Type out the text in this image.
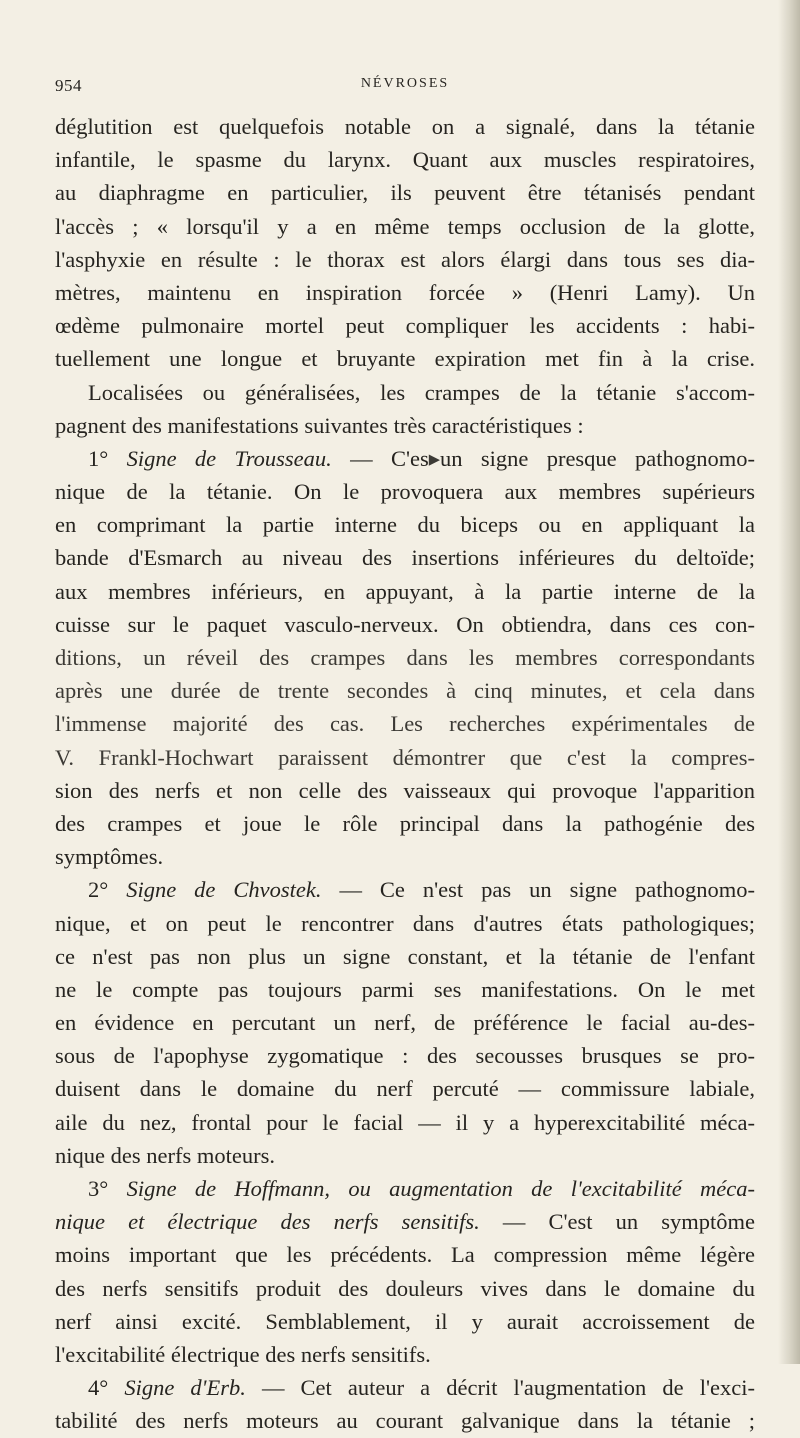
954	NÉVROSES
déglutition est quelquefois notable on a signalé, dans la tétanie
infantile, le spasme du larynx. Quant aux muscles respiratoires,
au diaphragme en particulier, ils peuvent être tétanisés pendant
l'accès ; « lorsqu'il y a en même temps occlusion de la glotte,
l'asphyxie en résulte : le thorax est alors élargi dans tous ses dia-
mètres, maintenu en inspiration forcée » (Henri Lamy). Un
œdème pulmonaire mortel peut compliquer les accidents : habi-
tuellement une longue et bruyante expiration met fin à la crise.
Localisées ou généralisées, les crampes de la tétanie s'accom-
pagnent des manifestations suivantes très caractéristiques :
1° Signe de Trousseau. — C'es▸un signe presque pathognomo-
nique de la tétanie. On le provoquera aux membres supérieurs
en comprimant la partie interne du biceps ou en appliquant la
bande d'Esmarch au niveau des insertions inférieures du deltoïde;
aux membres inférieurs, en appuyant, à la partie interne de la
cuisse sur le paquet vasculo-nerveux. On obtiendra, dans ces con-
ditions, un réveil des crampes dans les membres correspondants
après une durée de trente secondes à cinq minutes, et cela dans
l'immense majorité des cas. Les recherches expérimentales de
V. Frankl-Hochwart paraissent démontrer que c'est la compres-
sion des nerfs et non celle des vaisseaux qui provoque l'apparition
des crampes et joue le rôle principal dans la pathogénie des
symptômes.
2° Signe de Chvostek. — Ce n'est pas un signe pathognomo-
nique, et on peut le rencontrer dans d'autres états pathologiques;
ce n'est pas non plus un signe constant, et la tétanie de l'enfant
ne le compte pas toujours parmi ses manifestations. On le met
en évidence en percutant un nerf, de préférence le facial au-des-
sous de l'apophyse zygomatique : des secousses brusques se pro-
duisent dans le domaine du nerf percuté — commissure labiale,
aile du nez, frontal pour le facial — il y a hyperexcitabilité méca-
nique des nerfs moteurs.
3° Signe de Hoffmann, ou augmentation de l'excitabilité méca-
nique et électrique des nerfs sensitifs. — C'est un symptôme
moins important que les précédents. La compression même légère
des nerfs sensitifs produit des douleurs vives dans le domaine du
nerf ainsi excité. Semblablement, il y aurait accroissement de
l'excitabilité électrique des nerfs sensitifs.
4° Signe d'Erb. — Cet auteur a décrit l'augmentation de l'exci-
tabilité des nerfs moteurs au courant galvanique dans la tétanie ;
